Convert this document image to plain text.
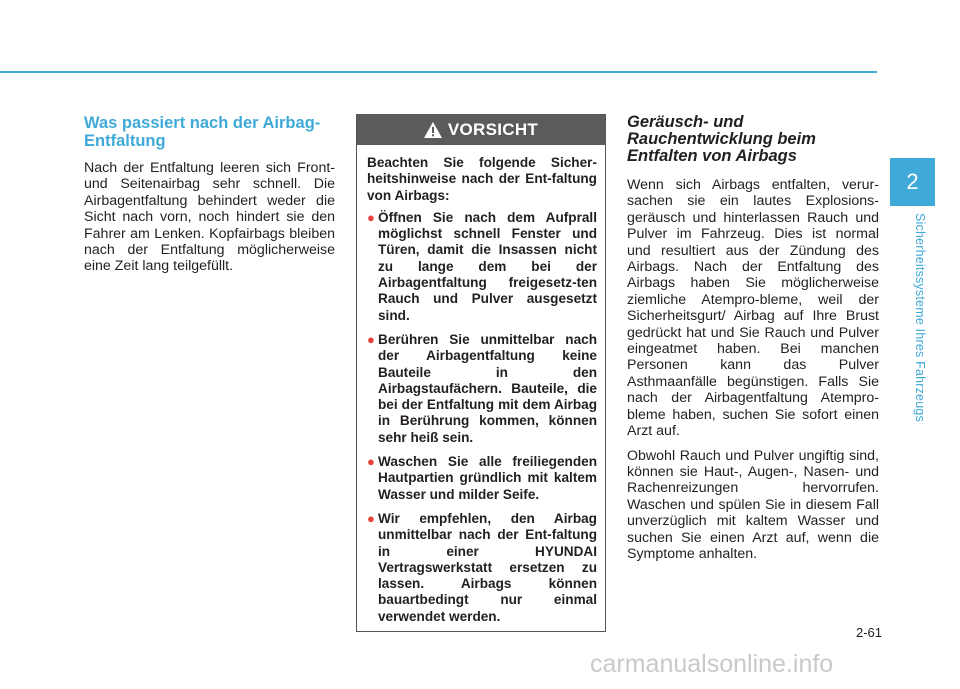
Was passiert nach der Airbag-Entfaltung

Nach der Entfaltung leeren sich Front- und Seitenairbag sehr schnell. Die Airbagentfaltung behindert weder die Sicht nach vorn, noch hindert sie den Fahrer am Lenken. Kopfairbags bleiben nach der Entfaltung möglicherweise eine Zeit lang teilgefüllt.

VORSICHT

Beachten Sie folgende Sicher-heitshinweise nach der Ent-faltung von Airbags:

● Öffnen Sie nach dem Aufprall möglichst schnell Fenster und Türen, damit die Insassen nicht zu lange dem bei der Airbagentfaltung freigesetz-ten Rauch und Pulver ausgesetzt sind.
● Berühren Sie unmittelbar nach der Airbagentfaltung keine Bauteile in den Airbagstaufächern. Bauteile, die bei der Entfaltung mit dem Airbag in Berührung kommen, können sehr heiß sein.
● Waschen Sie alle freiliegenden Hautpartien gründlich mit kaltem Wasser und milder Seife.
● Wir empfehlen, den Airbag unmittelbar nach der Ent-faltung in einer HYUNDAI Vertragswerkstatt ersetzen zu lassen. Airbags können bauartbedingt nur einmal verwendet werden.
Geräusch- und
Rauchentwicklung beim
Entfalten von Airbags

Wenn sich Airbags entfalten, verur-sachen sie ein lautes Explosions-geräusch und hinterlassen Rauch und Pulver im Fahrzeug. Dies ist normal und resultiert aus der Zündung des Airbags. Nach der Entfaltung des Airbags haben Sie möglicherweise ziemliche Atempro-bleme, weil der Sicherheitsgurt/ Airbag auf Ihre Brust gedrückt hat und Sie Rauch und Pulver eingeatmet haben. Bei manchen Personen kann das Pulver Asthmaanfälle begünstigen. Falls Sie nach der Airbagentfaltung Atempro-bleme haben, suchen Sie sofort einen Arzt auf.

Obwohl Rauch und Pulver ungiftig sind, können sie Haut-, Augen-, Nasen- und Rachenreizungen hervorrufen. Waschen und spülen Sie in diesem Fall unverzüglich mit kaltem Wasser und suchen Sie einen Arzt auf, wenn die Symptome anhalten.

2
Sicherheitssysteme Ihres Fahrzeugs
2-61
carmanualsonline.info
